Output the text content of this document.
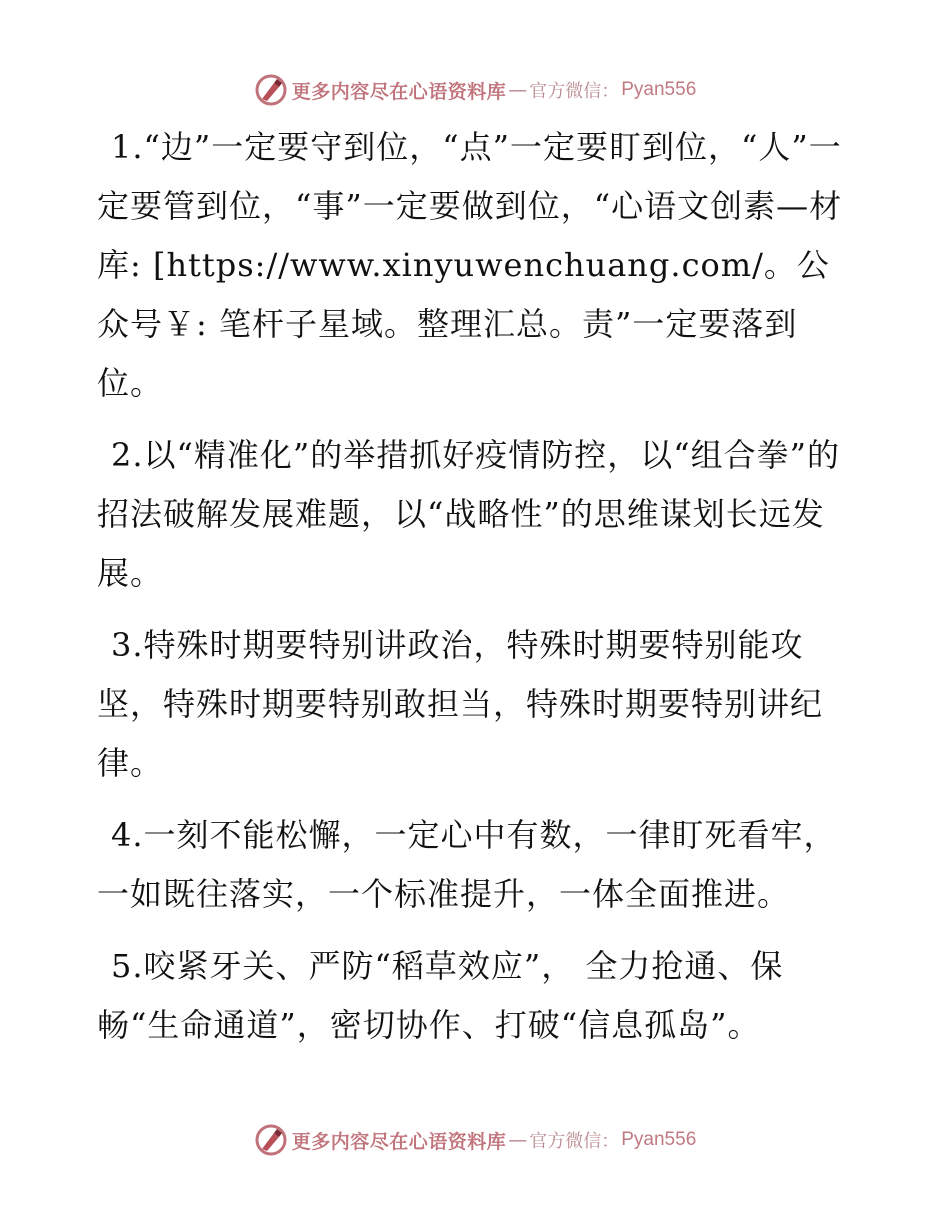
更多内容尽在心语资料库 — 官方微信： Pyan556

1.“边”一定要守到位，“点”一定要盯到位，“人”一定要管到位，“事”一定要做到位，“心语文创素—材库: [https://www.xinyuwenchuang.com/。公众号￥: 笔杆子星域。整理汇总。责”一定要落到位。

2.以“精准化”的举措抓好疫情防控，以“组合拳”的招法破解发展难题，以“战略性”的思维谋划长远发展。

3.特殊时期要特别讲政治，特殊时期要特别能攻坚，特殊时期要特别敢担当，特殊时期要特别讲纪律。

4.一刻不能松懈，一定心中有数，一律盯死看牢，一如既往落实，一个标准提升，一体全面推进。

5.咬紧牙关、严防“稻草效应”， 全力抢通、保畅“生命通道”，密切协作、打破“信息孤岛”。

更多内容尽在心语资料库 — 官方微信： Pyan556
